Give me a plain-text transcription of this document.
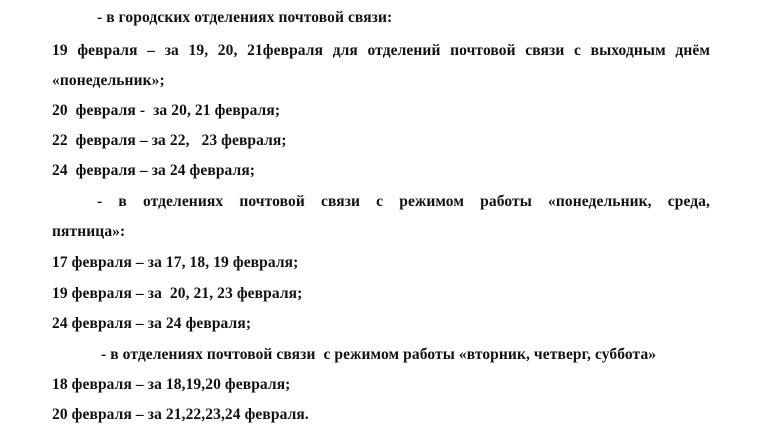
- в городских отделениях почтовой связи:
19 февраля – за 19, 20, 21февраля для отделений почтовой связи с выходным днём
«понедельник»;
20  февраля -  за 20, 21 февраля;
22  февраля – за 22,   23 февраля;
24  февраля – за 24 февраля;
- в отделениях почтовой связи с режимом работы «понедельник, среда,
пятница»:
17 февраля – за 17, 18, 19 февраля;
19 февраля – за  20, 21, 23 февраля;
24 февраля – за 24 февраля;
- в отделениях почтовой связи  с режимом работы «вторник, четверг, суббота»
18 февраля – за 18,19,20 февраля;
20 февраля – за 21,22,23,24 февраля.
